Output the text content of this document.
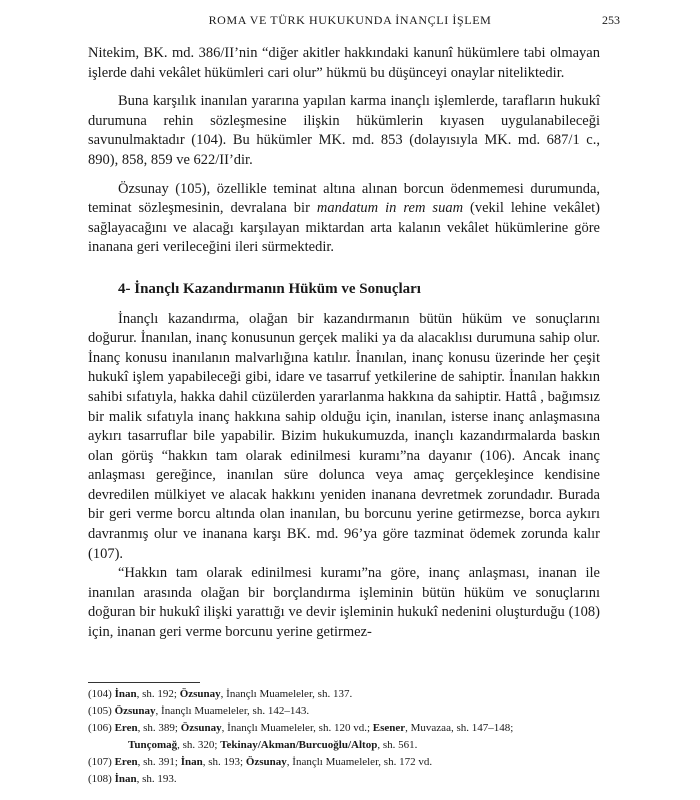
ROMA VE TÜRK HUKUKUNDA İNANÇLI İŞLEM	253

Nitekim, BK. md. 386/II’nin “diğer akitler hakkındaki kanunî hükümlere tabi olmayan işlerde dahi vekâlet hükümleri cari olur” hükmü bu düşünceyi onaylar niteliktedir.

Buna karşılık inanılan yararına yapılan karma inançlı işlemlerde, tarafların hukukî durumuna rehin sözleşmesine ilişkin hükümlerin kıyasen uygulanabileceği savunulmaktadır (104). Bu hükümler MK. md. 853 (dolayısıyla MK. md. 687/1 c., 890), 858, 859 ve 622/II’dir.

Özsunay (105), özellikle teminat altına alınan borcun ödenmemesi durumunda, teminat sözleşmesinin, devralana bir mandatum in rem suam (vekil lehine vekâlet) sağlayacağını ve alacağı karşılayan miktardan arta kalanın vekâlet hükümlerine göre inanana geri verileceğini ileri sürmektedir.

4- İnançlı Kazandırmanın Hüküm ve Sonuçları

İnançlı kazandırma, olağan bir kazandırmanın bütün hüküm ve sonuçlarını doğurur. İnanılan, inanç konusunun gerçek maliki ya da alacaklısı durumuna sahip olur. İnanç konusu inanılanın malvarlığına katılır. İnanılan, inanç konusu üzerinde her çeşit hukukî işlem yapabileceği gibi, idare ve tasarruf yetkilerine de sahiptir. İnanılan hakkın sahibi sıfatıyla, hakka dahil cüzülerden yararlanma hakkına da sahiptir. Hattâ , bağımsız bir malik sıfatıyla inanç hakkına sahip olduğu için, inanılan, isterse inanç anlaşmasına aykırı tasarruflar bile yapabilir. Bizim hukukumuzda, inançlı kazandırmalarda baskın olan görüş “hakkın tam olarak edinilmesi kuramı”na dayanır (106). Ancak inanç anlaşması gereğince, inanılan süre dolunca veya amaç gerçekleşince kendisine devredilen mülkiyet ve alacak hakkını yeniden inanana devretmek zorundadır. Burada bir geri verme borcu altında olan inanılan, bu borcunu yerine getirmezse, borca aykırı davranmış olur ve inanana karşı BK. md. 96’ya göre tazminat ödemek zorunda kalır (107).

“Hakkın tam olarak edinilmesi kuramı”na göre, inanç anlaşması, inanan ile inanılan arasında olağan bir borçlandırma işleminin bütün hüküm ve sonuçlarını doğuran bir hukukî ilişki yarattığı ve devir işleminin hukukî nedenini oluşturduğu (108) için, inanan geri verme borcunu yerine getirmez-

(104) İnan, sh. 192; Özsunay, İnançlı Muameleler, sh. 137.

(105) Özsunay, İnançlı Muameleler, sh. 142–143.

(106) Eren, sh. 389; Özsunay, İnançlı Muameleler, sh. 120 vd.; Esener, Muvazaa, sh. 147–148;
Tunçomağ, sh. 320; Tekinay/Akman/Burcuoğlu/Altop, sh. 561.

(107) Eren, sh. 391; İnan, sh. 193; Özsunay, İnançlı Muameleler, sh. 172 vd.

(108) İnan, sh. 193.
